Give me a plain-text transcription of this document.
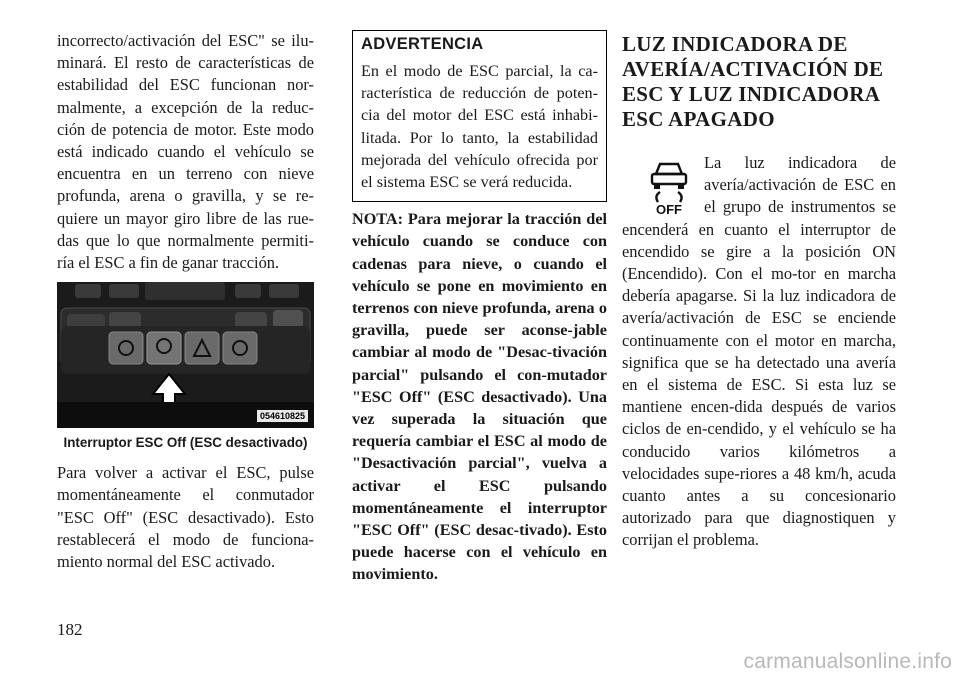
incorrecto/activación del ESC" se ilu-minará. El resto de características de estabilidad del ESC funcionan nor-malmente, a excepción de la reduc-ción de potencia de motor. Este modo está indicado cuando el vehículo se encuentra en un terreno con nieve profunda, arena o gravilla, y se re-quiere un mayor giro libre de las rue-das que lo que normalmente permiti-ría el ESC a fin de ganar tracción.

054610825
Interruptor ESC Off (ESC desactivado)

Para volver a activar el ESC, pulse momentáneamente el conmutador "ESC Off" (ESC desactivado). Esto restablecerá el modo de funciona-miento normal del ESC activado.

ADVERTENCIA

En el modo de ESC parcial, la ca-racterística de reducción de poten-cia del motor del ESC está inhabi-litada. Por lo tanto, la estabilidad mejorada del vehículo ofrecida por el sistema ESC se verá reducida.

NOTA: Para mejorar la tracción del vehículo cuando se conduce con cadenas para nieve, o cuando el vehículo se pone en movimiento en terrenos con nieve profunda, arena o gravilla, puede ser aconse-jable cambiar al modo de "Desac-tivación parcial" pulsando el con-mutador "ESC Off" (ESC desactivado). Una vez superada la situación que requería cambiar el ESC al modo de "Desactivación parcial", vuelva a activar el ESC pulsando momentáneamente el interruptor "ESC Off" (ESC desac-tivado). Esto puede hacerse con el vehículo en movimiento.

LUZ INDICADORA DE AVERÍA/ACTIVACIÓN DE ESC Y LUZ INDICADORA ESC APAGADO
OFF

La luz indicadora de avería/activación de ESC en el grupo de instrumentos se encenderá en cuanto el interruptor de encendido se gire a la posición ON (Encendido). Con el mo-tor en marcha debería apagarse. Si la luz indicadora de avería/activación de ESC se enciende continuamente con el motor en marcha, significa que se ha detectado una avería en el sistema de ESC. Si esta luz se mantiene encen-dida después de varios ciclos de en-cendido, y el vehículo se ha conducido varios kilómetros a velocidades supe-riores a 48 km/h, acuda cuanto antes a su concesionario autorizado para que diagnostiquen y corrijan el problema.

182
carmanualsonline.info
